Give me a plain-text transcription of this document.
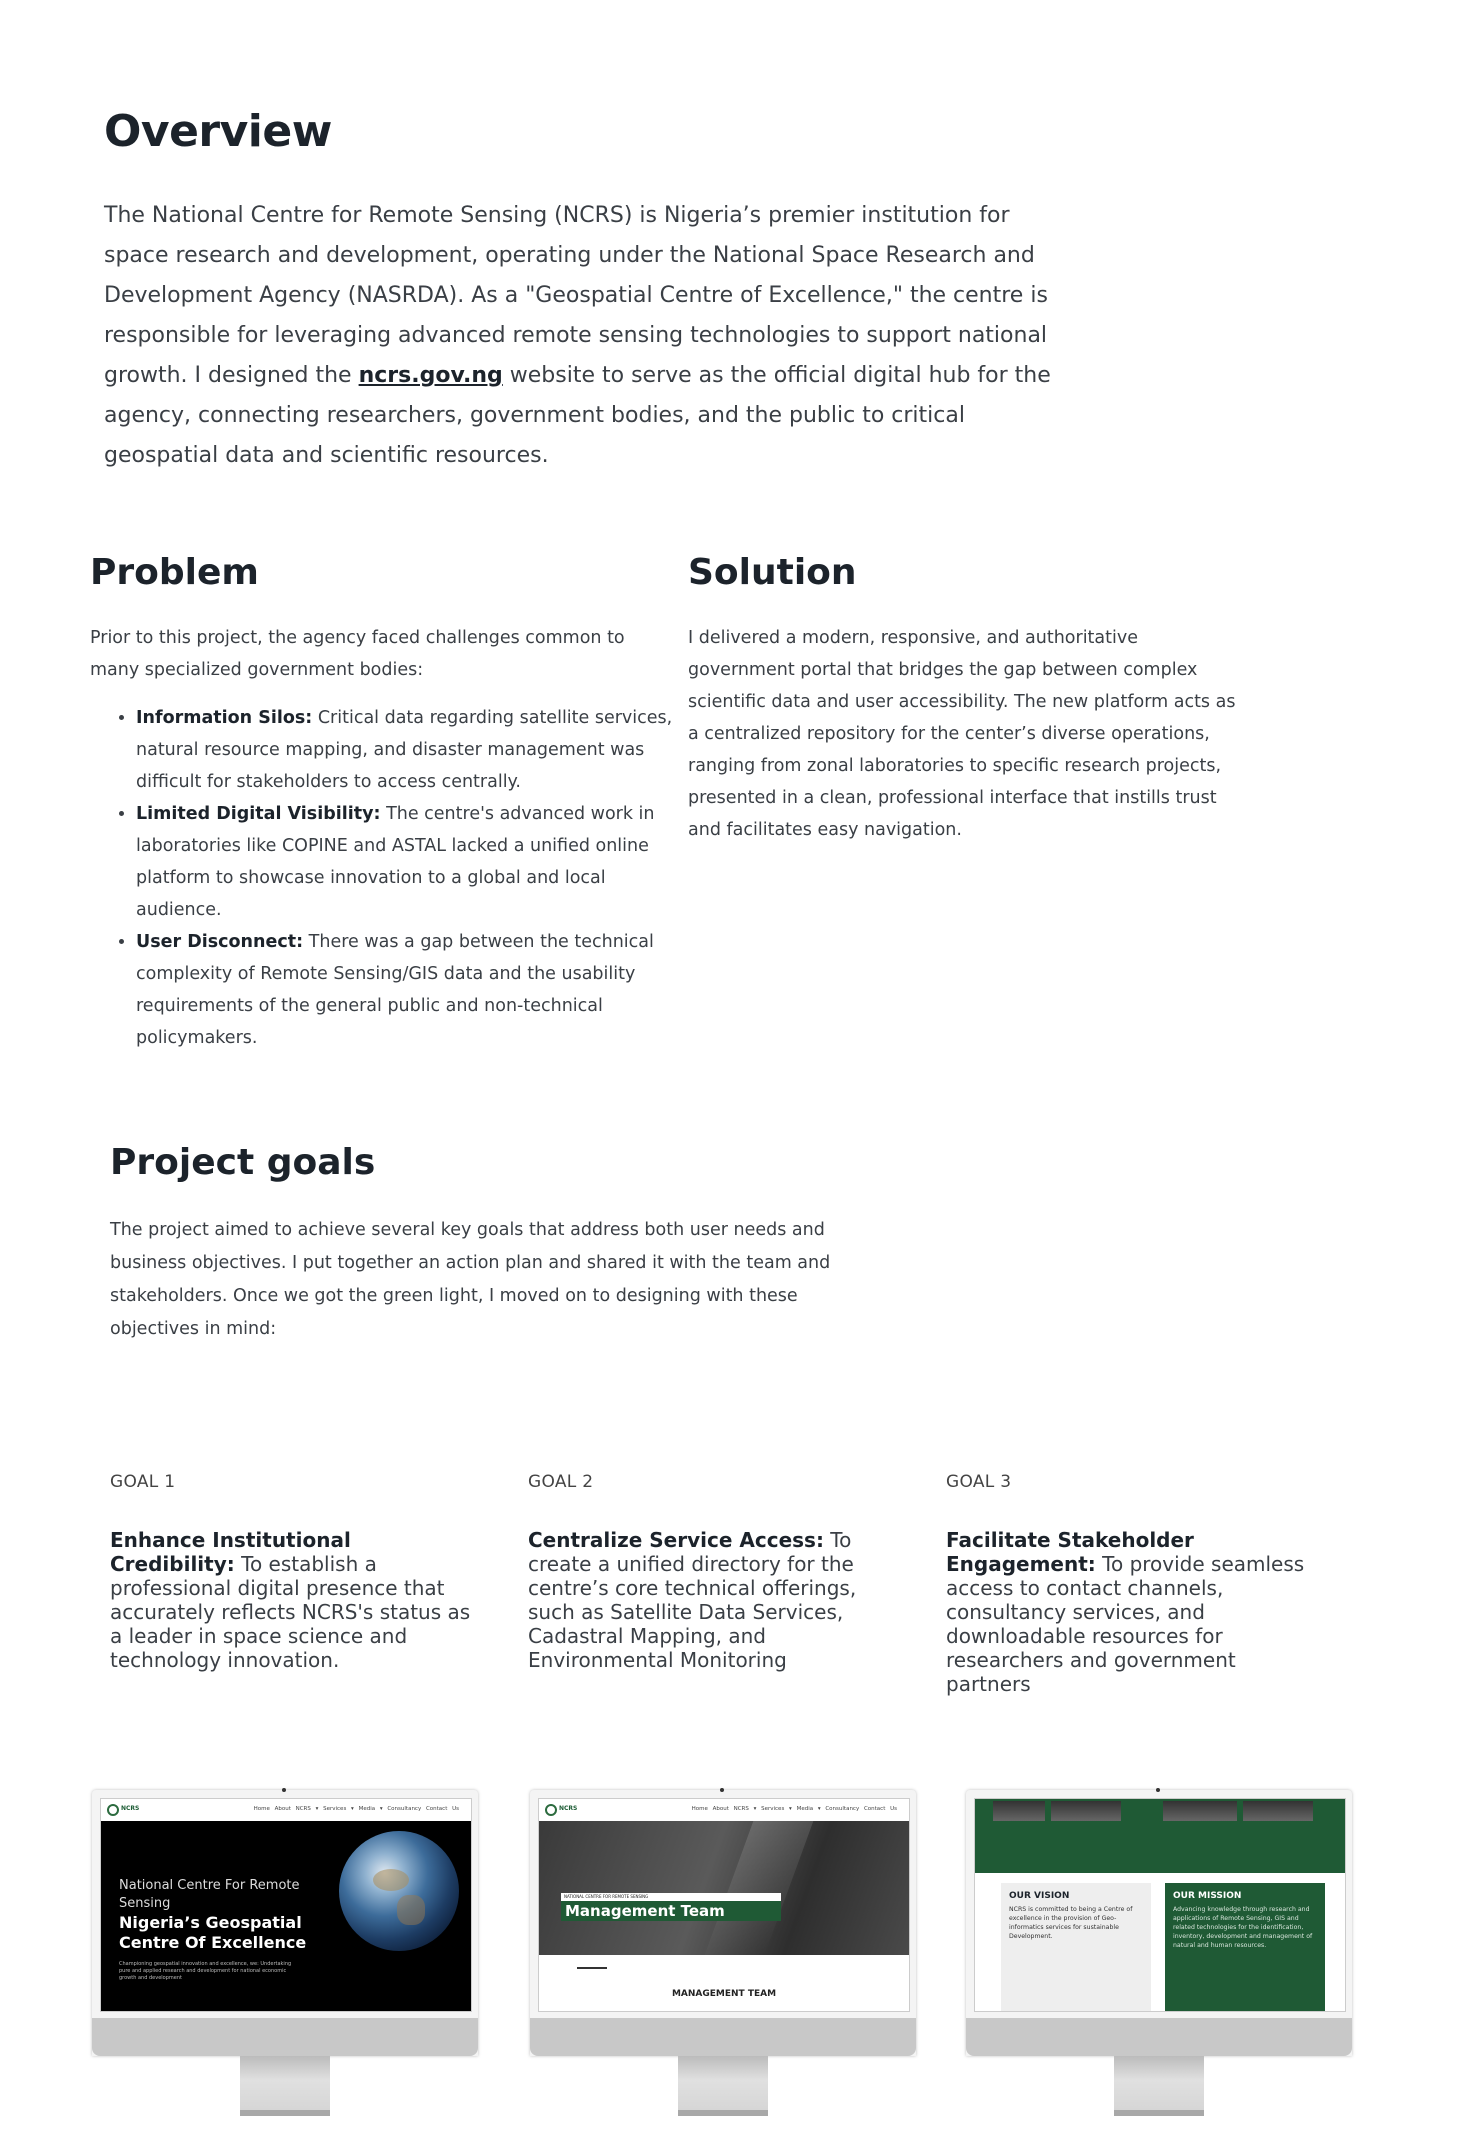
Overview

The National Centre for Remote Sensing (NCRS) is Nigeria’s premier institution for space research and development, operating under the National Space Research and Development Agency (NASRDA). As a "Geospatial Centre of Excellence," the centre is responsible for leveraging advanced remote sensing technologies to support national growth. I designed the ncrs.gov.ng website to serve as the official digital hub for the agency, connecting researchers, government bodies, and the public to critical geospatial data and scientific resources.

Problem

Prior to this project, the agency faced challenges common to many specialized government bodies:

• Information Silos: Critical data regarding satellite services, natural resource mapping, and disaster management was difficult for stakeholders to access centrally.
• Limited Digital Visibility: The centre's advanced work in laboratories like COPINE and ASTAL lacked a unified online platform to showcase innovation to a global and local audience.
• User Disconnect: There was a gap between the technical complexity of Remote Sensing/GIS data and the usability requirements of the general public and non-technical policymakers.
Solution

I delivered a modern, responsive, and authoritative government portal that bridges the gap between complex scientific data and user accessibility. The new platform acts as a centralized repository for the center’s diverse operations, ranging from zonal laboratories to specific research projects, presented in a clean, professional interface that instills trust and facilitates easy navigation.

Project goals

The project aimed to achieve several key goals that address both user needs and business objectives. I put together an action plan and shared it with the team and stakeholders. Once we got the green light, I moved on to designing with these objectives in mind:

GOAL 1

Enhance Institutional Credibility: To establish a professional digital presence that accurately reflects NCRS's status as a leader in space science and technology innovation.

GOAL 2

Centralize Service Access: To create a unified directory for the centre’s core technical offerings, such as Satellite Data Services, Cadastral Mapping, and Environmental Monitoring

GOAL 3

Facilitate Stakeholder Engagement: To provide seamless access to contact channels, consultancy services, and downloadable resources for researchers and government partners

NCRS	Home About NCRS ▾ Services ▾ Media ▾ Consultancy Contact Us
National Centre For Remote Sensing
Nigeria’s Geospatial Centre Of Excellence
Championing geospatial innovation and excellence, we: Undertaking pure and applied research and development for national economic growth and development
NCRS	Home About NCRS ▾ Services ▾ Media ▾ Consultancy Contact Us
NATIONAL CENTRE FOR REMOTE SENSING
Management Team
MANAGEMENT TEAM
OUR VISION
NCRS is committed to being a Centre of excellence in the provision of Geo-informatics services for sustainable Development.
OUR MISSION
Advancing knowledge through research and applications of Remote Sensing, GIS and related technologies for the identification, inventory, development and management of natural and human resources.
